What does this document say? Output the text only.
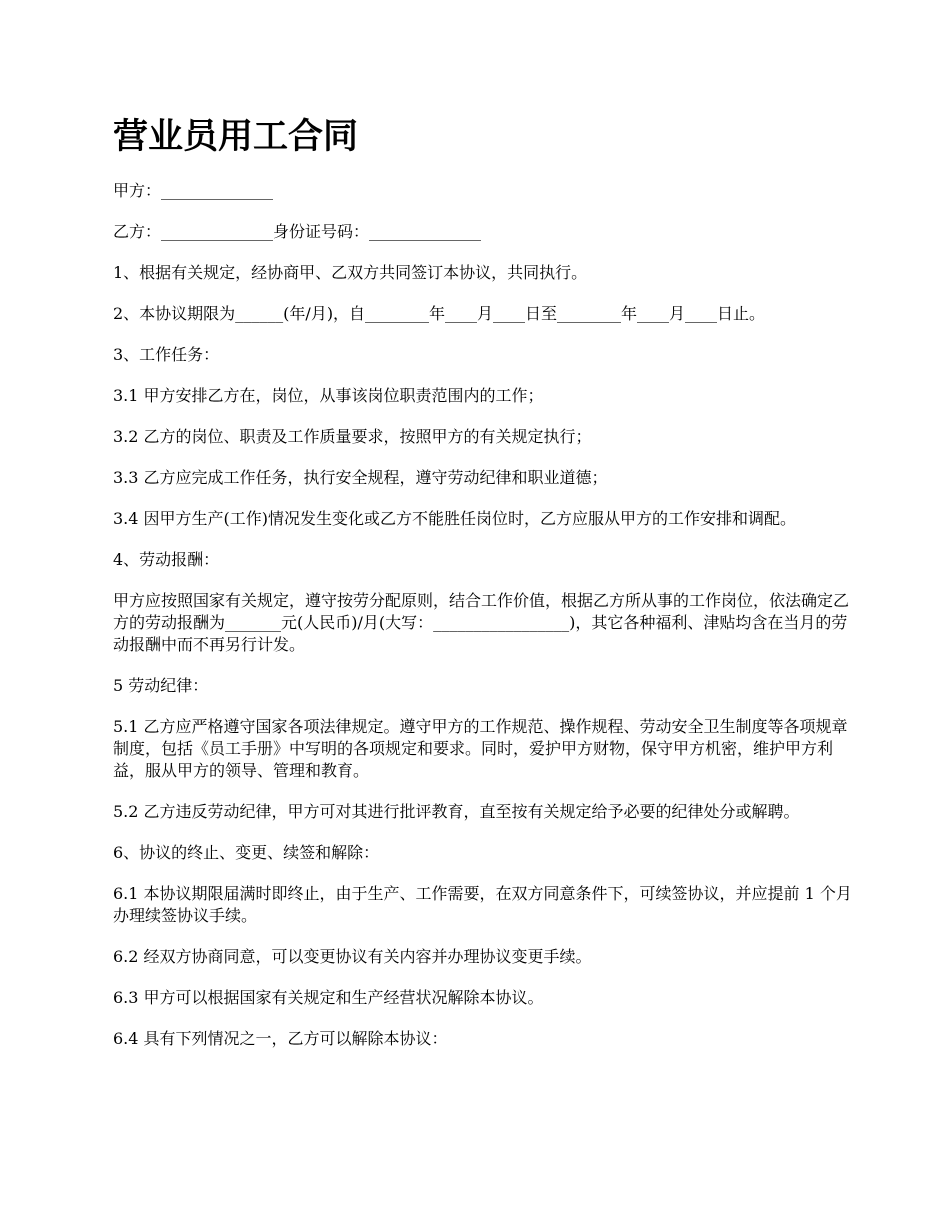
营业员用工合同

甲方：______________

乙方：______________身份证号码：______________

1、根据有关规定，经协商甲、乙双方共同签订本协议，共同执行。

2、本协议期限为______(年/月)，自________年____月____日至________年____月____日止。

3、工作任务：

3.1 甲方安排乙方在，岗位，从事该岗位职责范围内的工作；

3.2 乙方的岗位、职责及工作质量要求，按照甲方的有关规定执行；

3.3 乙方应完成工作任务，执行安全规程，遵守劳动纪律和职业道德；

3.4 因甲方生产(工作)情况发生变化或乙方不能胜任岗位时，乙方应服从甲方的工作安排和调配。

4、劳动报酬：

甲方应按照国家有关规定，遵守按劳分配原则，结合工作价值，根据乙方所从事的工作岗位，依法确定乙方的劳动报酬为_______元(人民币)/月(大写：_________________)，其它各种福利、津贴均含在当月的劳动报酬中而不再另行计发。

5 劳动纪律：

5.1 乙方应严格遵守国家各项法律规定。遵守甲方的工作规范、操作规程、劳动安全卫生制度等各项规章制度，包括《员工手册》中写明的各项规定和要求。同时，爱护甲方财物，保守甲方机密，维护甲方利益，服从甲方的领导、管理和教育。

5.2 乙方违反劳动纪律，甲方可对其进行批评教育，直至按有关规定给予必要的纪律处分或解聘。

6、协议的终止、变更、续签和解除：

6.1 本协议期限届满时即终止，由于生产、工作需要，在双方同意条件下，可续签协议，并应提前 1 个月办理续签协议手续。

6.2 经双方协商同意，可以变更协议有关内容并办理协议变更手续。

6.3 甲方可以根据国家有关规定和生产经营状况解除本协议。

6.4 具有下列情况之一，乙方可以解除本协议：
